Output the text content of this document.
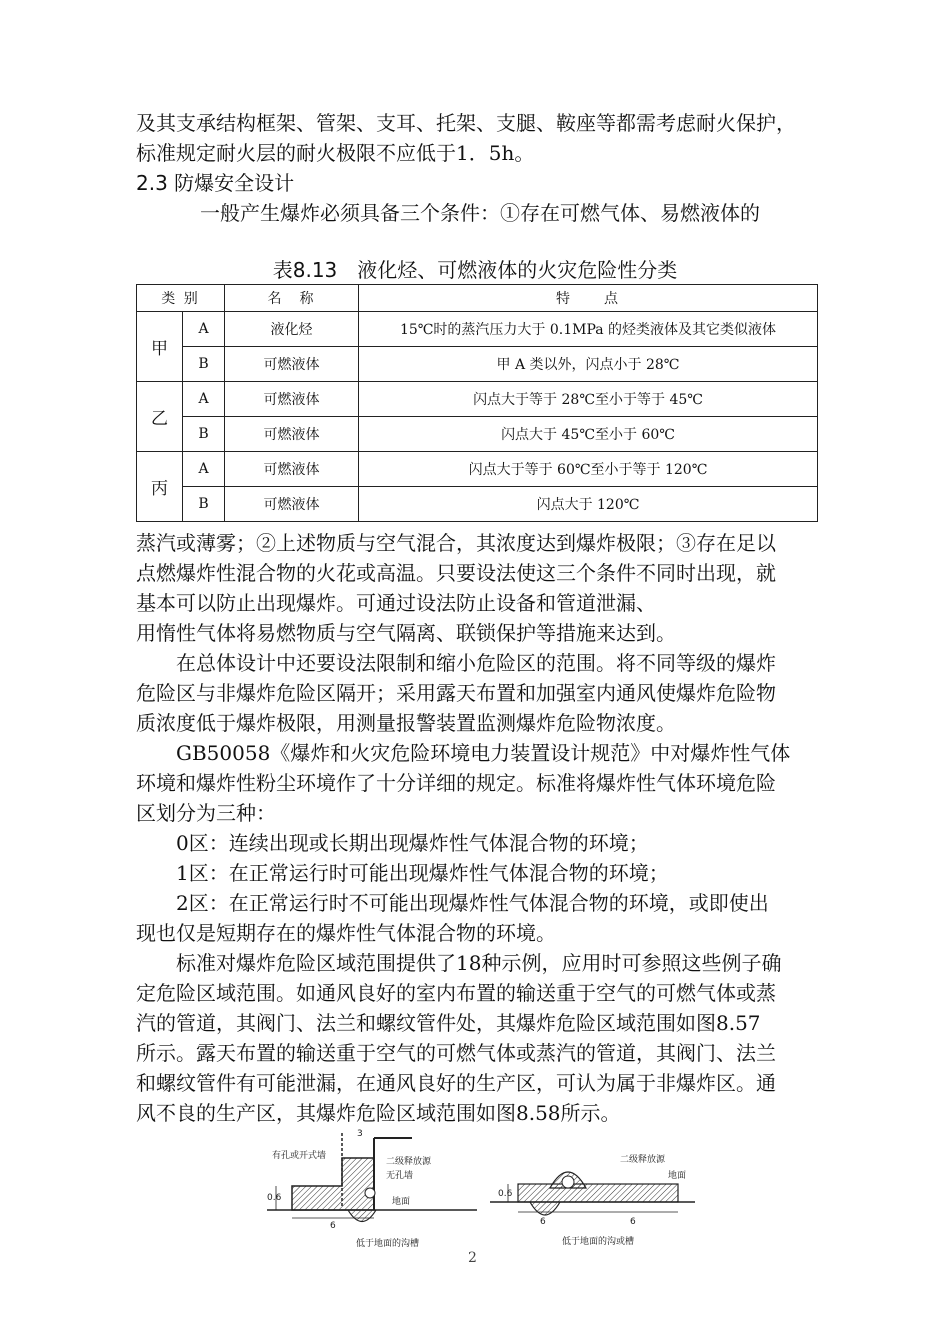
及其支承结构框架、管架、支耳、托架、支腿、鞍座等都需考虑耐火保护，
标准规定耐火层的耐火极限不应低于1．5h。
2.3 防爆安全设计
一般产生爆炸必须具备三个条件：①存在可燃气体、易燃液体的
表8.13　液化烃、可燃液体的火灾危险性分类
类 别		名　称	特　　点
甲	A	液化烃	15℃时的蒸汽压力大于 0.1MPa 的烃类液体及其它类似液体
	B	可燃液体	甲 A 类以外，闪点小于 28℃
乙	A	可燃液体	闪点大于等于 28℃至小于等于 45℃
	B	可燃液体	闪点大于 45℃至小于 60℃
丙	A	可燃液体	闪点大于等于 60℃至小于等于 120℃
	B	可燃液体	闪点大于 120℃
蒸汽或薄雾；②上述物质与空气混合，其浓度达到爆炸极限；③存在足以
点燃爆炸性混合物的火花或高温。只要设法使这三个条件不同时出现，就
基本可以防止出现爆炸。可通过设法防止设备和管道泄漏、
用惰性气体将易燃物质与空气隔离、联锁保护等措施来达到。
　　在总体设计中还要设法限制和缩小危险区的范围。将不同等级的爆炸
危险区与非爆炸危险区隔开；采用露天布置和加强室内通风使爆炸危险物
质浓度低于爆炸极限，用测量报警装置监测爆炸危险物浓度。
　　GB50058《爆炸和火灾危险环境电力装置设计规范》中对爆炸性气体
环境和爆炸性粉尘环境作了十分详细的规定。标准将爆炸性气体环境危险
区划分为三种：
　　0区：连续出现或长期出现爆炸性气体混合物的环境；
　　1区：在正常运行时可能出现爆炸性气体混合物的环境；
　　2区：在正常运行时不可能出现爆炸性气体混合物的环境，或即使出
现也仅是短期存在的爆炸性气体混合物的环境。
　　标准对爆炸危险区域范围提供了18种示例，应用时可参照这些例子确
定危险区域范围。如通风良好的室内布置的输送重于空气的可燃气体或蒸
汽的管道，其阀门、法兰和螺纹管件处，其爆炸危险区域范围如图8.57
所示。露天布置的输送重于空气的可燃气体或蒸汽的管道，其阀门、法兰
和螺纹管件有可能泄漏，在通风良好的生产区，可认为属于非爆炸区。通
风不良的生产区，其爆炸危险区域范围如图8.58所示。
0.6
3
有孔或开式墙
二级释放源
无孔墙
地面
6
低于地面的沟槽
0.6
二级释放源
地面
6	6
低于地面的沟或槽
2
